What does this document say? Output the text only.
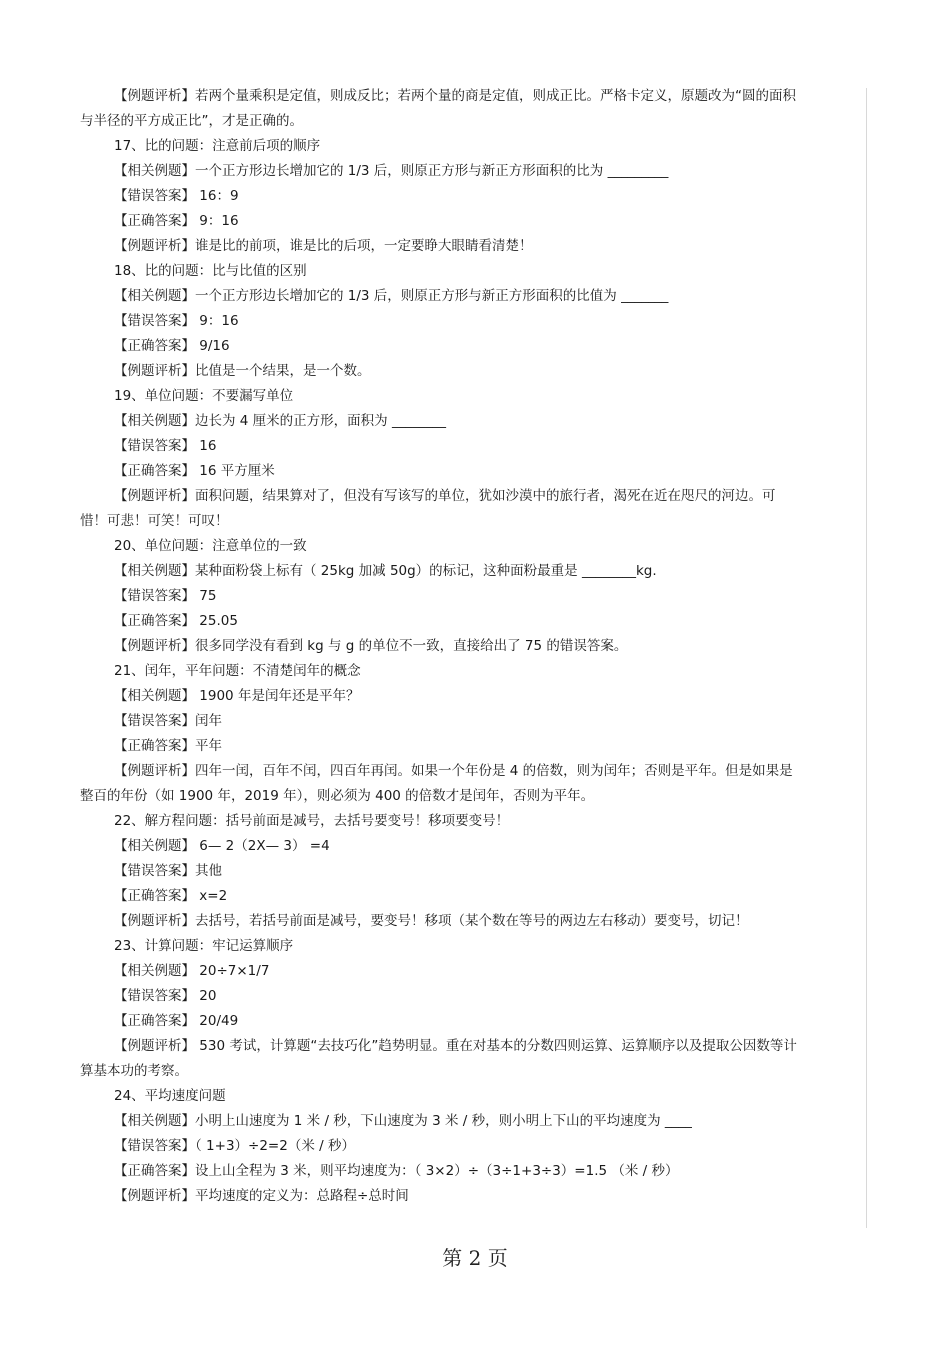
【例题评析】若两个量乘积是定值，则成反比；若两个量的商是定值，则成正比。严格卡定义，原题改为“圆的面积与半径的平方成正比”，才是正确的。
17、比的问题：注意前后项的顺序
【相关例题】一个正方形边长增加它的 1/3 后，则原正方形与新正方形面积的比为 _________
【错误答案】 16：9
【正确答案】 9：16
【例题评析】谁是比的前项，谁是比的后项，一定要睁大眼睛看清楚！
18、比的问题：比与比值的区别
【相关例题】一个正方形边长增加它的 1/3 后，则原正方形与新正方形面积的比值为 _______
【错误答案】 9：16
【正确答案】 9/16
【例题评析】比值是一个结果，是一个数。
19、单位问题：不要漏写单位
【相关例题】边长为 4 厘米的正方形，面积为 ________
【错误答案】 16
【正确答案】 16 平方厘米
【例题评析】面积问题，结果算对了，但没有写该写的单位，犹如沙漠中的旅行者，渴死在近在咫尺的河边。可惜！可悲！可笑！可叹！
20、单位问题：注意单位的一致
【相关例题】某种面粉袋上标有（ 25kg 加减 50g）的标记，这种面粉最重是 ________kg.
【错误答案】 75
【正确答案】 25.05
【例题评析】很多同学没有看到 kg 与 g 的单位不一致，直接给出了 75 的错误答案。
21、闰年，平年问题：不清楚闰年的概念
【相关例题】 1900 年是闰年还是平年？
【错误答案】闰年
【正确答案】平年
【例题评析】四年一闰，百年不闰，四百年再闰。如果一个年份是 4 的倍数，则为闰年；否则是平年。但是如果是整百的年份（如 1900 年，2019 年），则必须为 400 的倍数才是闰年，否则为平年。
22、解方程问题：括号前面是减号，去括号要变号！移项要变号！
【相关例题】 6— 2（2X— 3） =4
【错误答案】其他
【正确答案】 x=2
【例题评析】去括号，若括号前面是减号，要变号！移项（某个数在等号的两边左右移动）要变号，切记！
23、计算问题：牢记运算顺序
【相关例题】 20÷7×1/7
【错误答案】 20
【正确答案】 20/49
【例题评析】 530 考试，计算题“去技巧化”趋势明显。重在对基本的分数四则运算、运算顺序以及提取公因数等计算基本功的考察。
24、平均速度问题
【相关例题】小明上山速度为 1 米 / 秒，下山速度为 3 米 / 秒，则小明上下山的平均速度为 ____
【错误答案】（ 1+3）÷2=2（米 / 秒）
【正确答案】设上山全程为 3 米，则平均速度为：（ 3×2）÷（3÷1+3÷3）=1.5 （米 / 秒）
【例题评析】平均速度的定义为：总路程÷总时间
第 2 页
